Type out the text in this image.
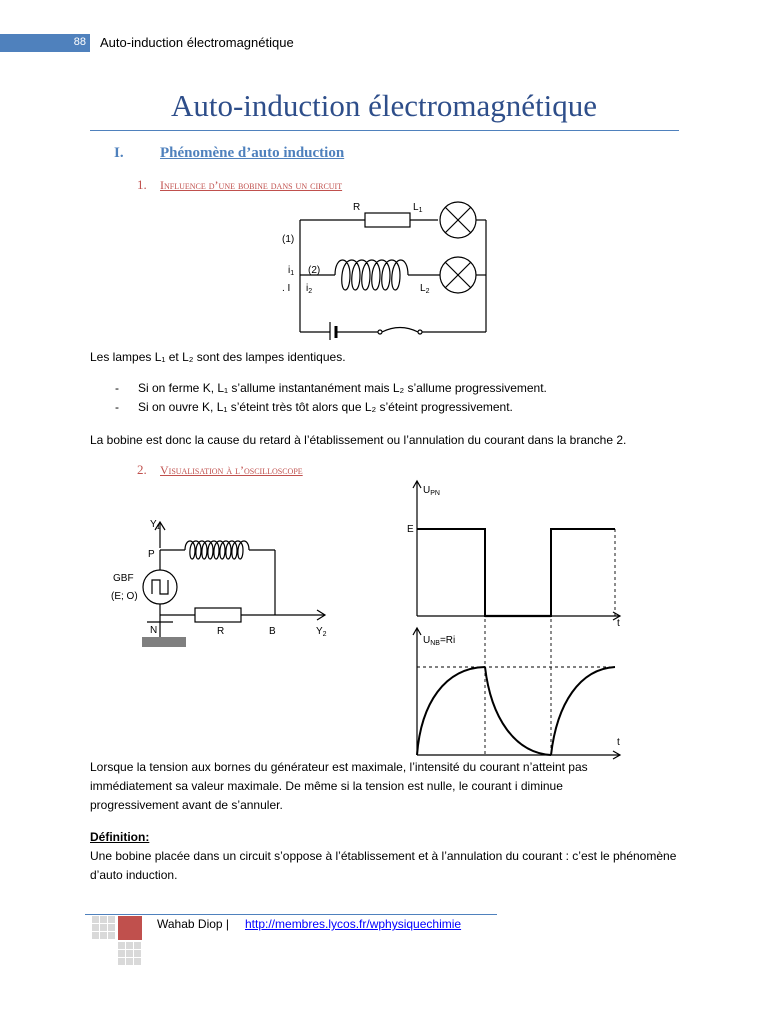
88 Auto-induction électromagnétique
Auto-induction électromagnétique
I. Phénomène d’auto induction
1. Influence d’une bobine dans un circuit
R	$L_1$
(1)
$i_1$ (2)
. I $i_2$	$L_2$
Les lampes L₁ et L₂ sont des lampes identiques.
- Si on ferme K, L₁ s’allume instantanément mais L₂ s’allume progressivement.
- Si on ouvre K, L₁ s’éteint très tôt alors que L₂ s’éteint progressivement.
La bobine est donc la cause du retard à l’établissement ou l’annulation du courant dans la branche 2.
2. Visualisation à l’oscilloscope
$Y_1$
P
GBF
(E; O)
N	R	B	$Y_2$
$U_{PN}$
E
t
$U_{NB}=Ri$
t
Lorsque la tension aux bornes du générateur est maximale, l’intensité du courant n’atteint pas immédiatement sa valeur maximale. De même si la tension est nulle, le courant i diminue progressivement avant de s’annuler.
Définition:
Une bobine placée dans un circuit s’oppose à l’établissement et à l’annulation du courant : c’est le phénomène d’auto induction.
Wahab Diop | http://membres.lycos.fr/wphysiquechimie
